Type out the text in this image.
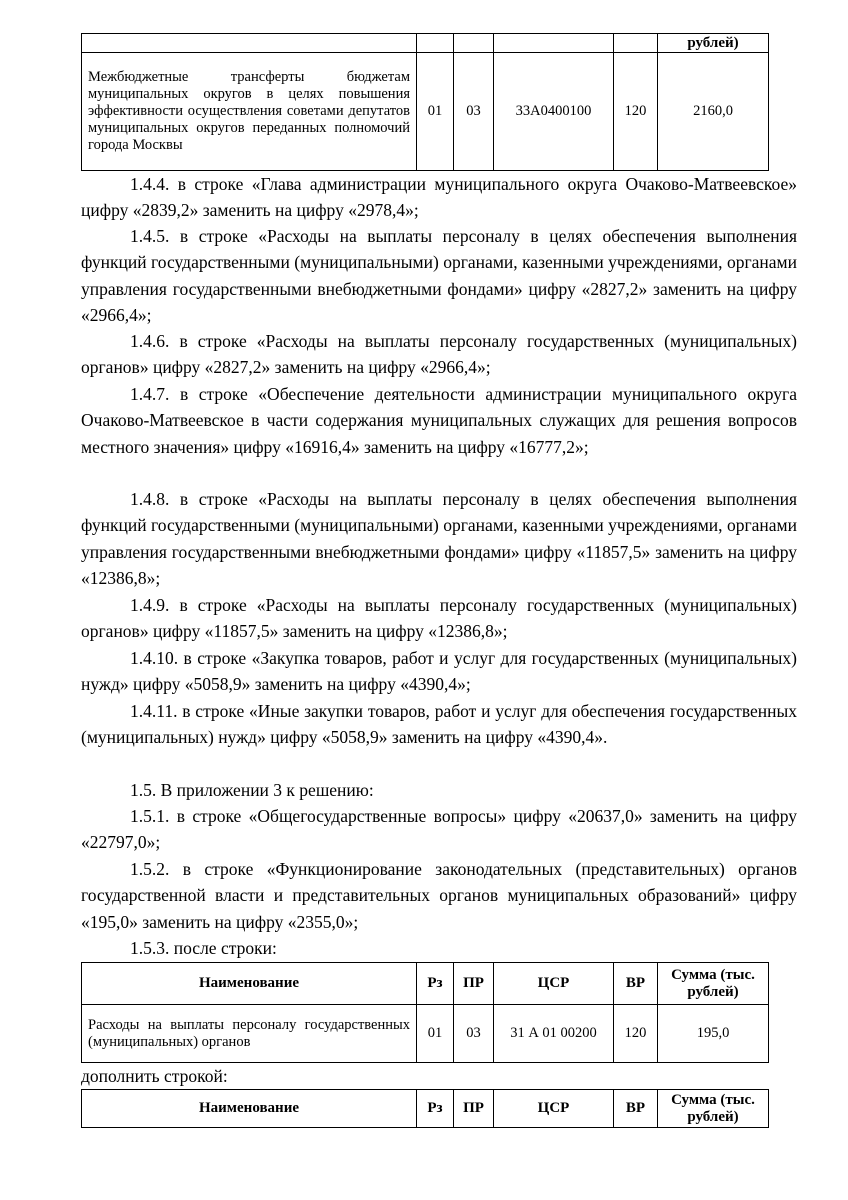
					рублей)
Межбюджетные трансферты бюджетам муниципальных округов в целях повышения эффективности осуществления советами депутатов муниципальных округов переданных полномочий города Москвы	01	03	33А0400100	120	2160,0

1.4.4. в строке «Глава администрации муниципального округа Очаково-Матвеевское» цифру «2839,2» заменить на цифру «2978,4»;

1.4.5. в строке «Расходы на выплаты персоналу в целях обеспечения выполнения функций государственными (муниципальными) органами, казенными учреждениями, органами управления государственными внебюджетными фондами» цифру «2827,2» заменить на цифру «2966,4»;

1.4.6. в строке «Расходы на выплаты персоналу государственных (муниципальных) органов» цифру «2827,2» заменить на цифру «2966,4»;

1.4.7. в строке «Обеспечение деятельности администрации муниципального округа Очаково-Матвеевское в части содержания муниципальных служащих для решения вопросов местного значения» цифру «16916,4» заменить на цифру «16777,2»;

1.4.8. в строке «Расходы на выплаты персоналу в целях обеспечения выполнения функций государственными (муниципальными) органами, казенными учреждениями, органами управления государственными внебюджетными фондами» цифру «11857,5» заменить на цифру «12386,8»;

1.4.9. в строке «Расходы на выплаты персоналу государственных (муниципальных) органов» цифру «11857,5» заменить на цифру «12386,8»;

1.4.10. в строке «Закупка товаров, работ и услуг для государственных (муниципальных) нужд» цифру «5058,9» заменить на цифру «4390,4»;

1.4.11. в строке «Иные закупки товаров, работ и услуг для обеспечения государственных (муниципальных) нужд» цифру «5058,9» заменить на цифру «4390,4».

1.5. В приложении 3 к решению:

1.5.1. в строке «Общегосударственные вопросы» цифру «20637,0» заменить на цифру «22797,0»;

1.5.2. в строке «Функционирование законодательных (представительных) органов государственной власти и представительных органов муниципальных образований» цифру «195,0» заменить на цифру «2355,0»;

1.5.3. после строки:

Наименование	Рз	ПР	ЦСР	ВР	Сумма (тыс. рублей)
Расходы на выплаты персоналу государственных (муниципальных) органов	01	03	31 А 01 00200	120	195,0

дополнить строкой:

Наименование	Рз	ПР	ЦСР	ВР	Сумма (тыс. рублей)
